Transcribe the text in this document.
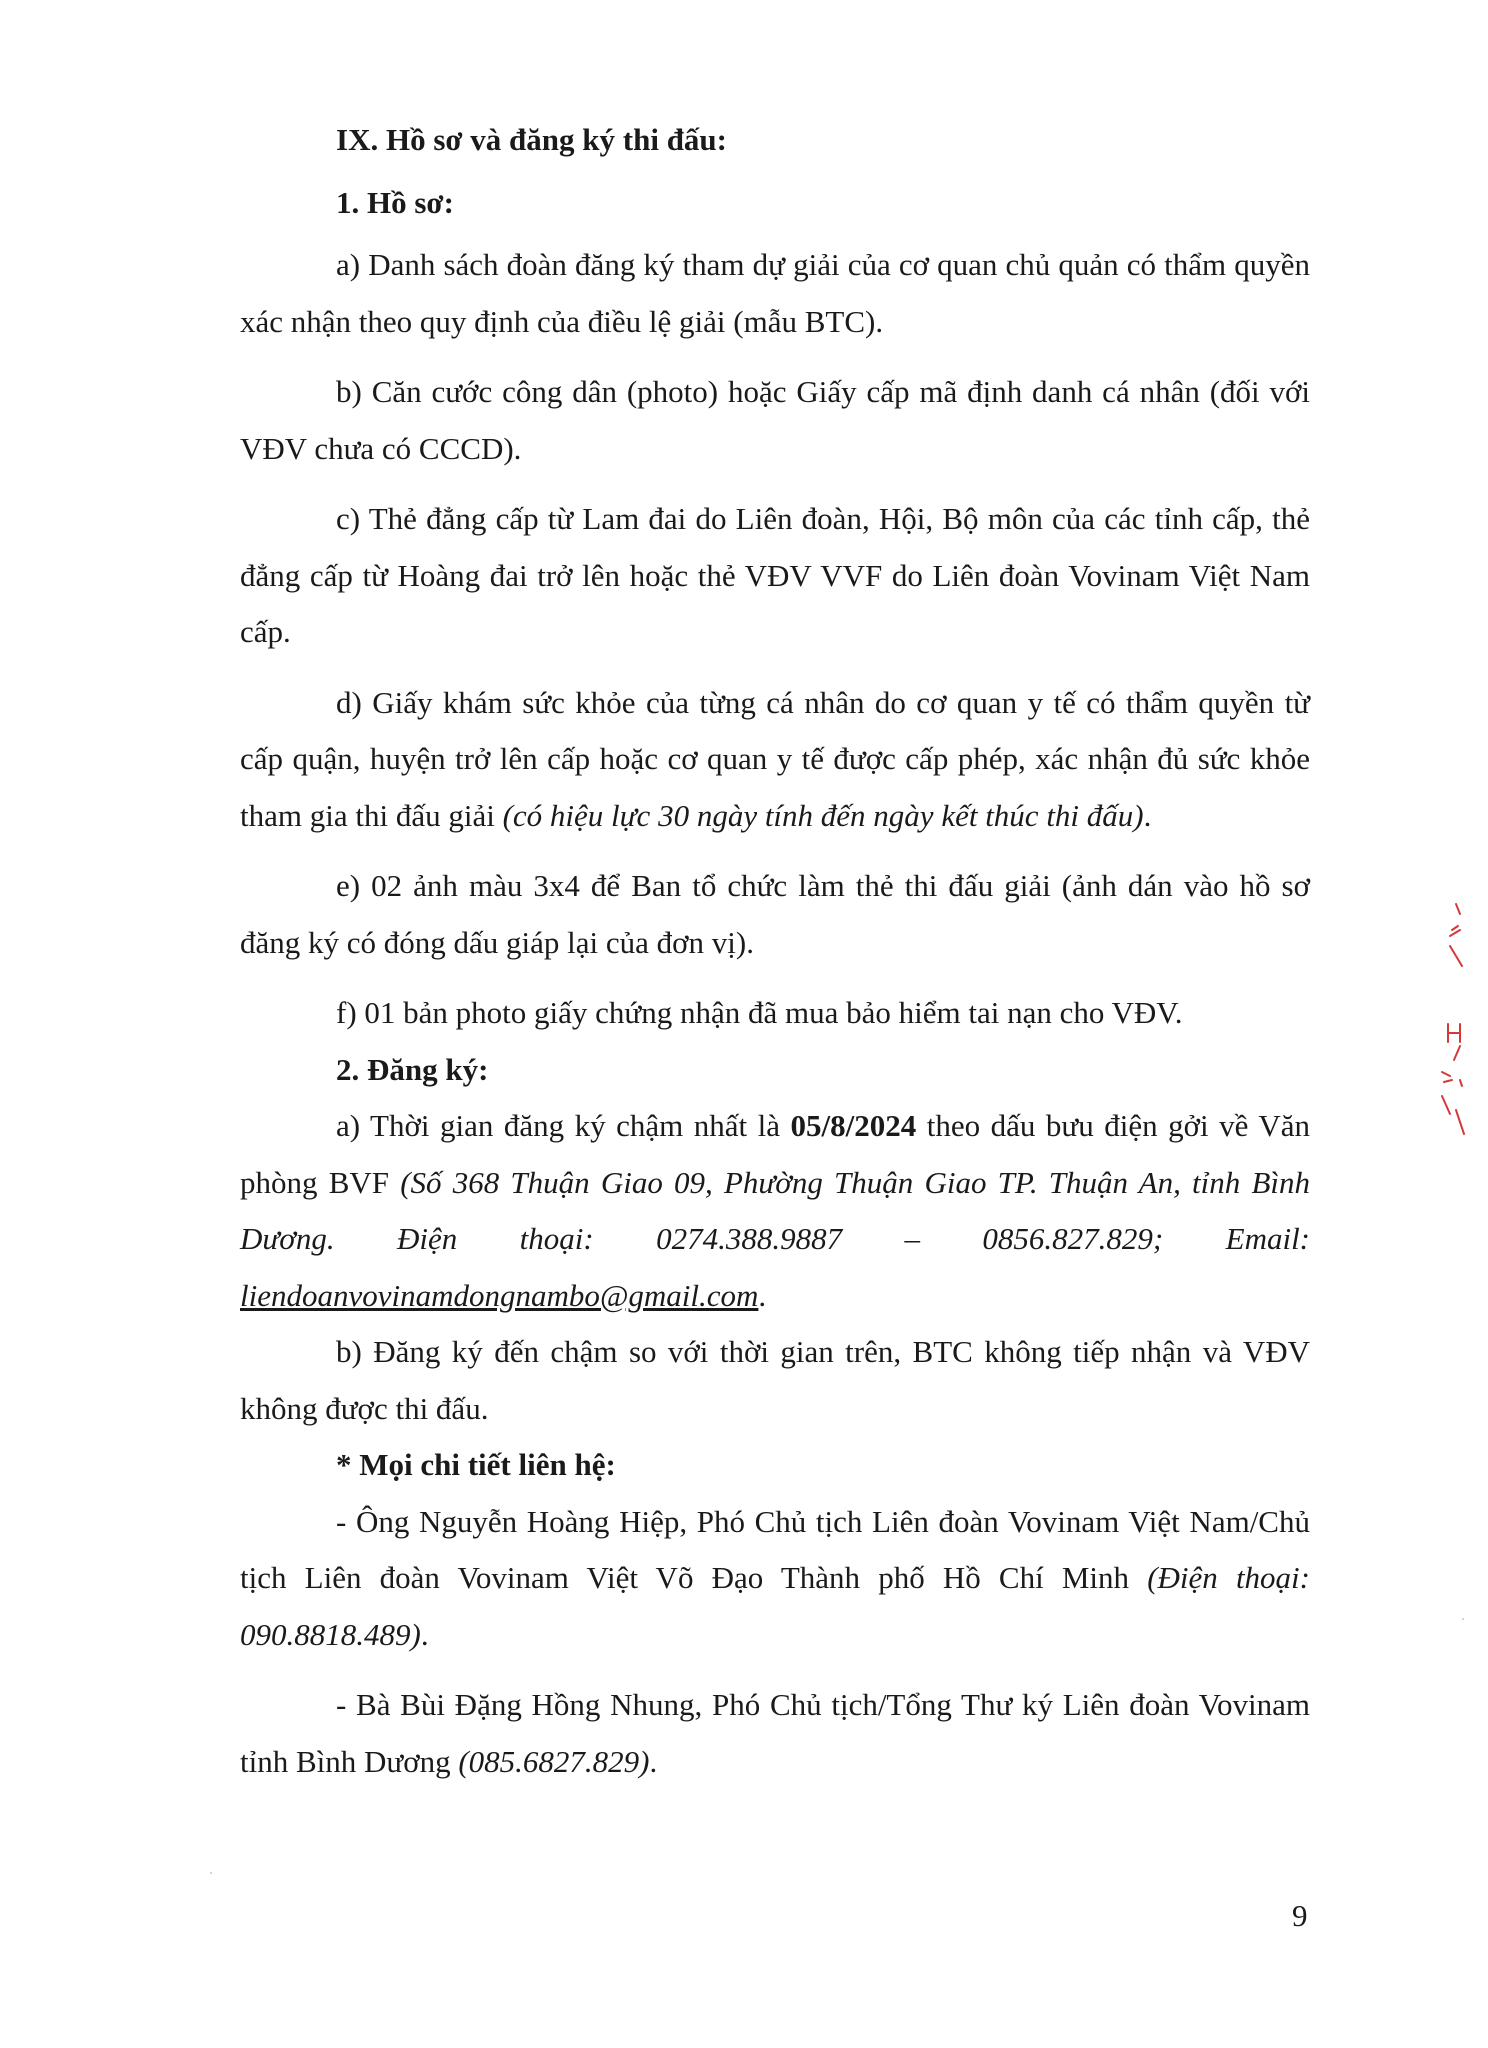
IX. Hồ sơ và đăng ký thi đấu:

1. Hồ sơ:

a) Danh sách đoàn đăng ký tham dự giải của cơ quan chủ quản có thẩm quyền xác nhận theo quy định của điều lệ giải (mẫu BTC).

b) Căn cước công dân (photo) hoặc Giấy cấp mã định danh cá nhân (đối với VĐV chưa có CCCD).

c) Thẻ đẳng cấp từ Lam đai do Liên đoàn, Hội, Bộ môn của các tỉnh cấp, thẻ đẳng cấp từ Hoàng đai trở lên hoặc thẻ VĐV VVF do Liên đoàn Vovinam Việt Nam cấp.

d) Giấy khám sức khỏe của từng cá nhân do cơ quan y tế có thẩm quyền từ cấp quận, huyện trở lên cấp hoặc cơ quan y tế được cấp phép, xác nhận đủ sức khỏe tham gia thi đấu giải (có hiệu lực 30 ngày tính đến ngày kết thúc thi đấu).

e) 02 ảnh màu 3x4 để Ban tổ chức làm thẻ thi đấu giải (ảnh dán vào hồ sơ đăng ký có đóng dấu giáp lại của đơn vị).

f) 01 bản photo giấy chứng nhận đã mua bảo hiểm tai nạn cho VĐV.

2. Đăng ký:

a) Thời gian đăng ký chậm nhất là 05/8/2024 theo dấu bưu điện gởi về Văn phòng BVF (Số 368 Thuận Giao 09, Phường Thuận Giao TP. Thuận An, tỉnh Bình Dương. Điện thoại: 0274.388.9887 – 0856.827.829; Email: liendoanvovinamdongnambo@gmail.com.

b) Đăng ký đến chậm so với thời gian trên, BTC không tiếp nhận và VĐV không được thi đấu.

* Mọi chi tiết liên hệ:

- Ông Nguyễn Hoàng Hiệp, Phó Chủ tịch Liên đoàn Vovinam Việt Nam/Chủ tịch Liên đoàn Vovinam Việt Võ Đạo Thành phố Hồ Chí Minh (Điện thoại: 090.8818.489).

- Bà Bùi Đặng Hồng Nhung, Phó Chủ tịch/Tổng Thư ký Liên đoàn Vovinam tỉnh Bình Dương (085.6827.829).

9
